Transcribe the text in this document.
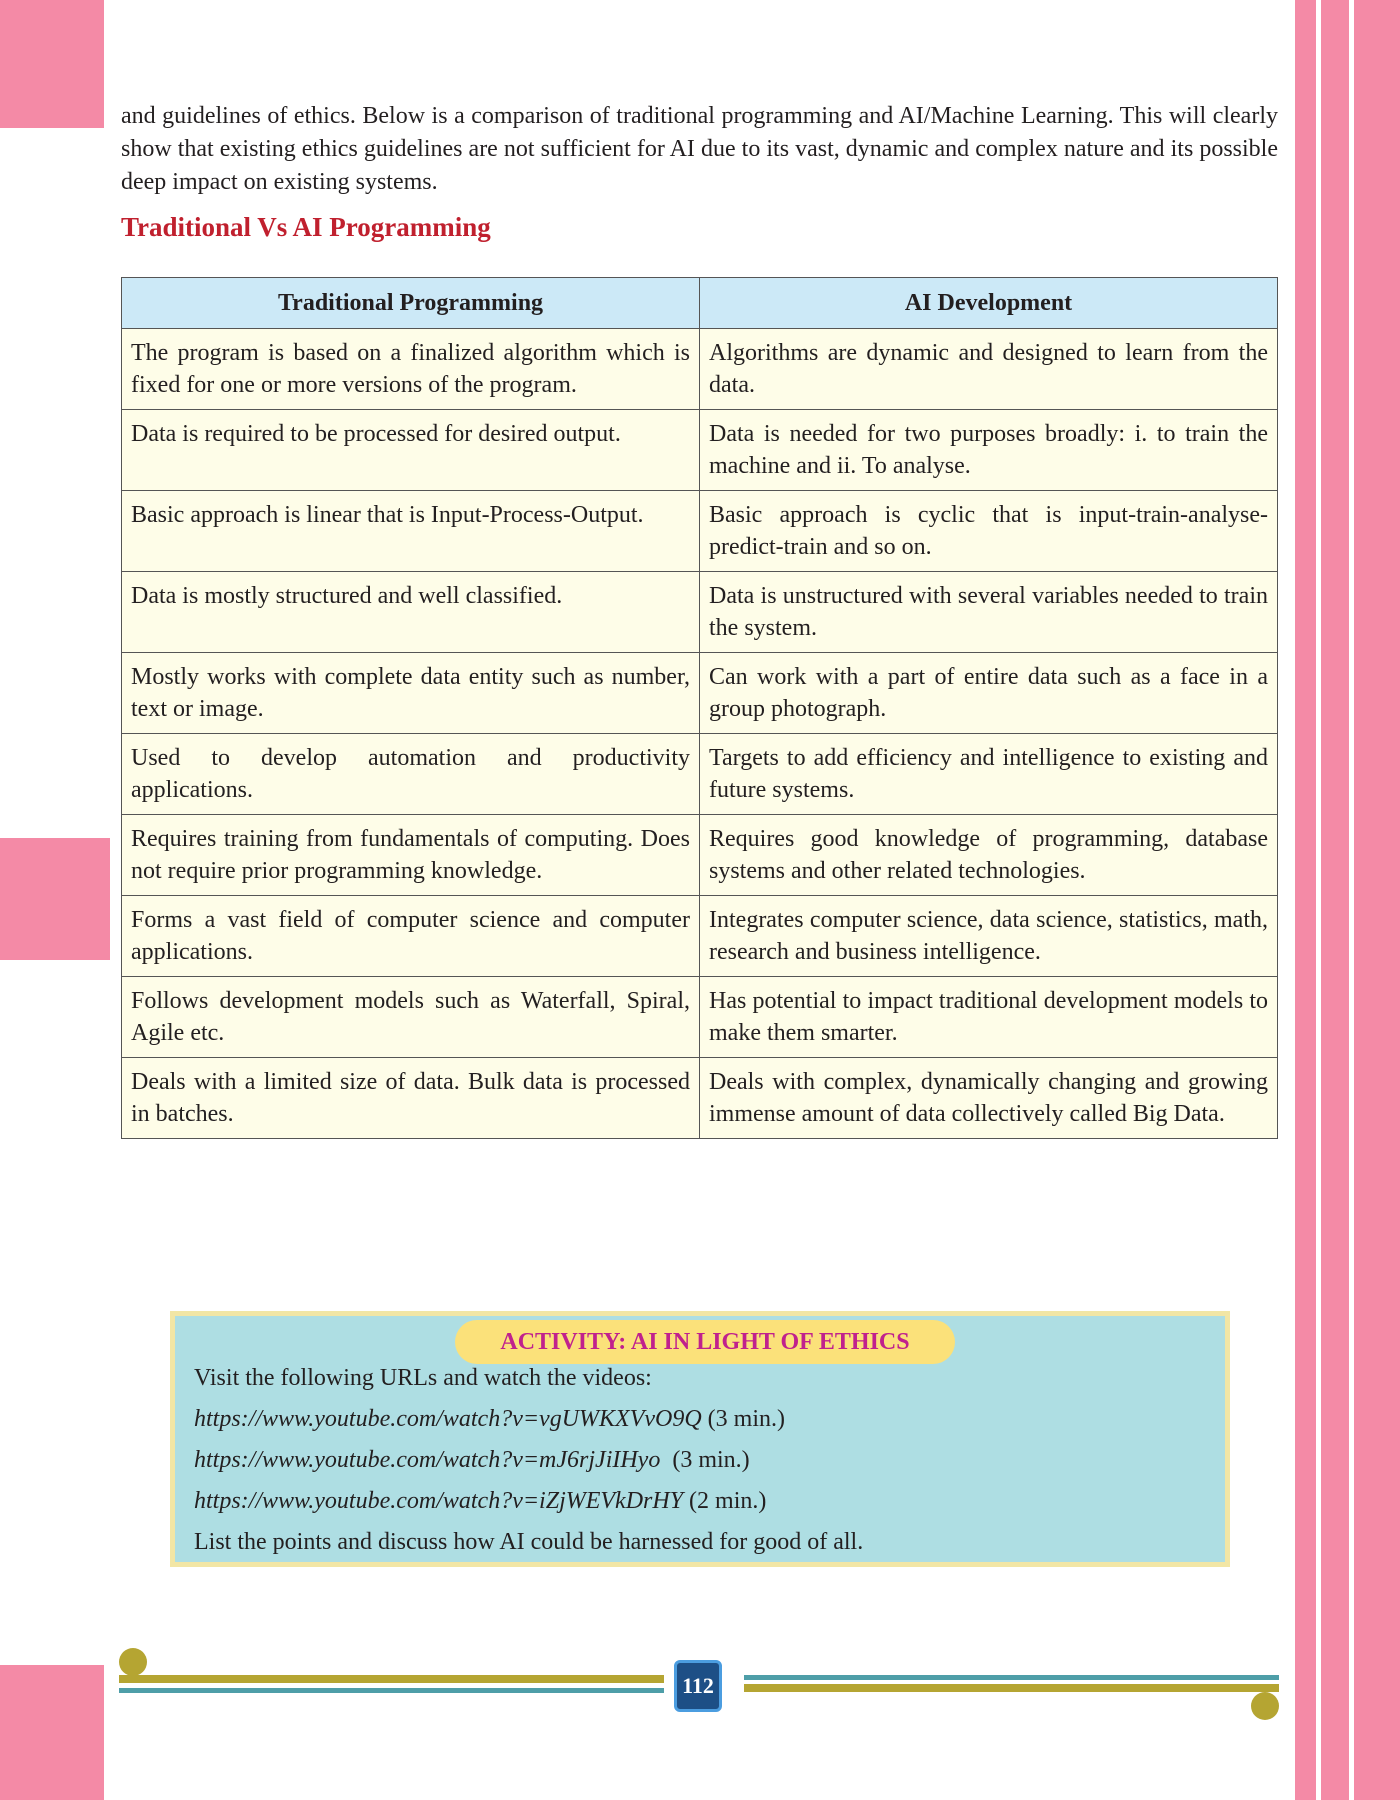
and guidelines of ethics. Below is a comparison of traditional programming and AI/Machine Learning. This will clearly show that existing ethics guidelines are not sufficient for AI due to its vast, dynamic and complex nature and its possible deep impact on existing systems.

Traditional Vs AI Programming
Traditional Programming	AI Development
The program is based on a finalized algorithm which is fixed for one or more versions of the program.	Algorithms are dynamic and designed to learn from the data.
Data is required to be processed for desired output.	Data is needed for two purposes broadly: i. to train the machine and ii. To analyse.
Basic approach is linear that is Input-Process-Output.	Basic approach is cyclic that is input-train-analyse-predict-train and so on.
Data is mostly structured and well classified.	Data is unstructured with several variables needed to train the system.
Mostly works with complete data entity such as number, text or image.	Can work with a part of entire data such as a face in a group photograph.
Used to develop automation and productivity applications.	Targets to add efficiency and intelligence to existing and future systems.
Requires training from fundamentals of computing. Does not require prior programming knowledge.	Requires good knowledge of programming, database systems and other related technologies.
Forms a vast field of computer science and computer applications.	Integrates computer science, data science, statistics, math, research and business intelligence.
Follows development models such as Waterfall, Spiral, Agile etc.	Has potential to impact traditional development models to make them smarter.
Deals with a limited size of data. Bulk data is processed in batches.	Deals with complex, dynamically changing and growing immense amount of data collectively called Big Data.
ACTIVITY: AI IN LIGHT OF ETHICS

Visit the following URLs and watch the videos:

https://www.youtube.com/watch?v=vgUWKXVvO9Q (3 min.)

https://www.youtube.com/watch?v=mJ6rjJiIHyo (3 min.)

https://www.youtube.com/watch?v=iZjWEVkDrHY (2 min.)

List the points and discuss how AI could be harnessed for good of all.

112
